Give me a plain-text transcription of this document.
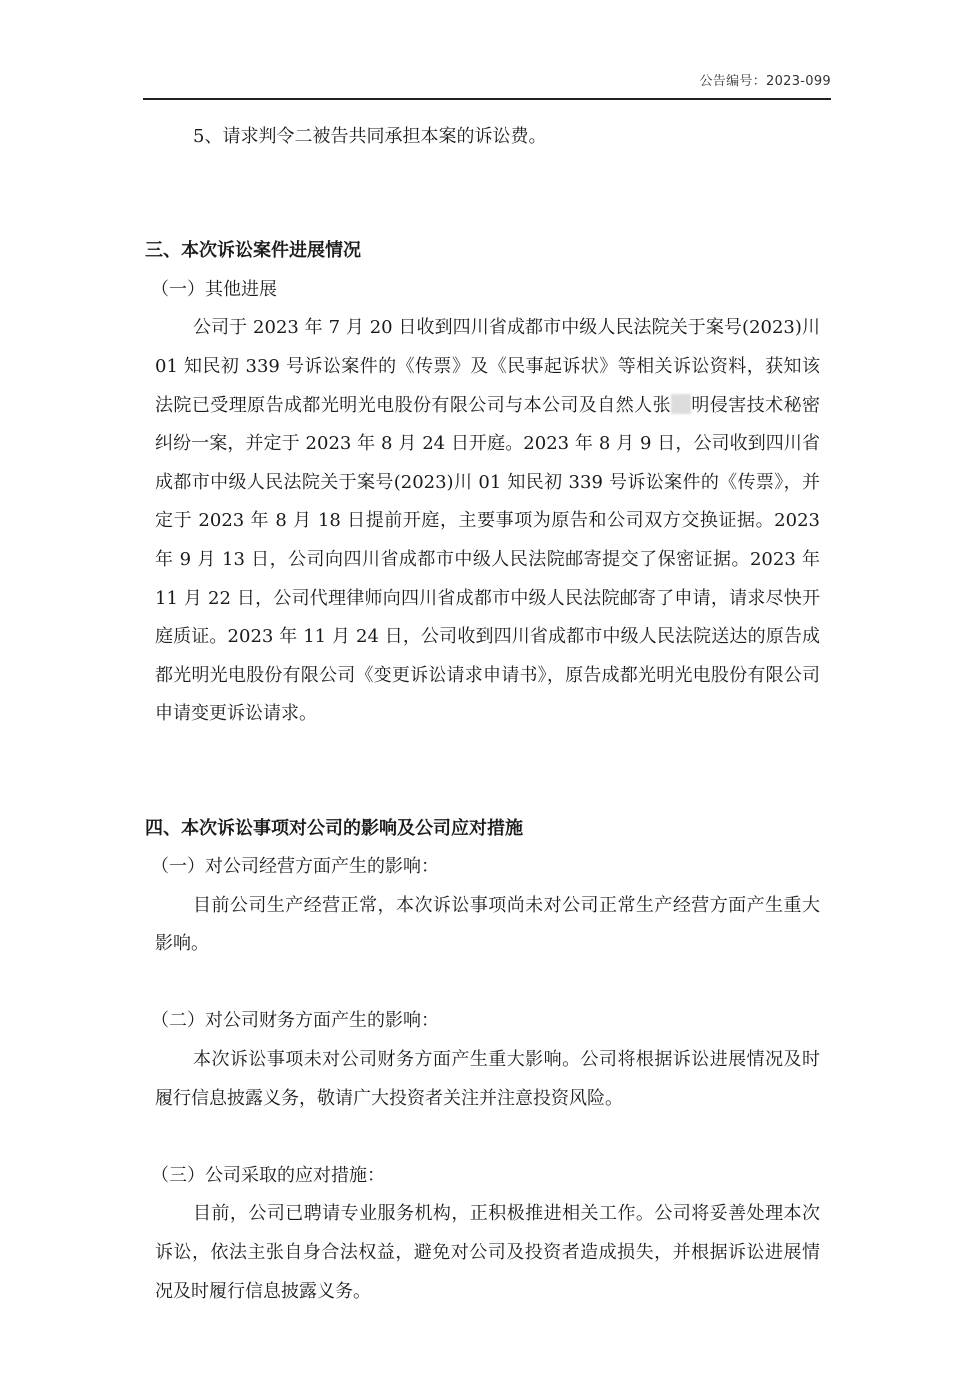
公告编号：2023-099

5、请求判令二被告共同承担本案的诉讼费。

三、本次诉讼案件进展情况

（一）其他进展

公司于 2023 年 7 月 20 日收到四川省成都市中级人民法院关于案号(2023)川 01 知民初 339 号诉讼案件的《传票》及《民事起诉状》等相关诉讼资料，获知该法院已受理原告成都光明光电股份有限公司与本公司及自然人张 明侵害技术秘密纠纷一案，并定于 2023 年 8 月 24 日开庭。2023 年 8 月 9 日，公司收到四川省成都市中级人民法院关于案号(2023)川 01 知民初 339 号诉讼案件的《传票》，并定于 2023 年 8 月 18 日提前开庭，主要事项为原告和公司双方交换证据。2023 年 9 月 13 日，公司向四川省成都市中级人民法院邮寄提交了保密证据。2023 年 11 月 22 日，公司代理律师向四川省成都市中级人民法院邮寄了申请，请求尽快开庭质证。2023 年 11 月 24 日，公司收到四川省成都市中级人民法院送达的原告成都光明光电股份有限公司《变更诉讼请求申请书》，原告成都光明光电股份有限公司申请变更诉讼请求。

四、本次诉讼事项对公司的影响及公司应对措施

（一）对公司经营方面产生的影响：

目前公司生产经营正常，本次诉讼事项尚未对公司正常生产经营方面产生重大影响。

（二）对公司财务方面产生的影响：

本次诉讼事项未对公司财务方面产生重大影响。公司将根据诉讼进展情况及时履行信息披露义务，敬请广大投资者关注并注意投资风险。

（三）公司采取的应对措施：

目前，公司已聘请专业服务机构，正积极推进相关工作。公司将妥善处理本次诉讼，依法主张自身合法权益，避免对公司及投资者造成损失，并根据诉讼进展情况及时履行信息披露义务。
